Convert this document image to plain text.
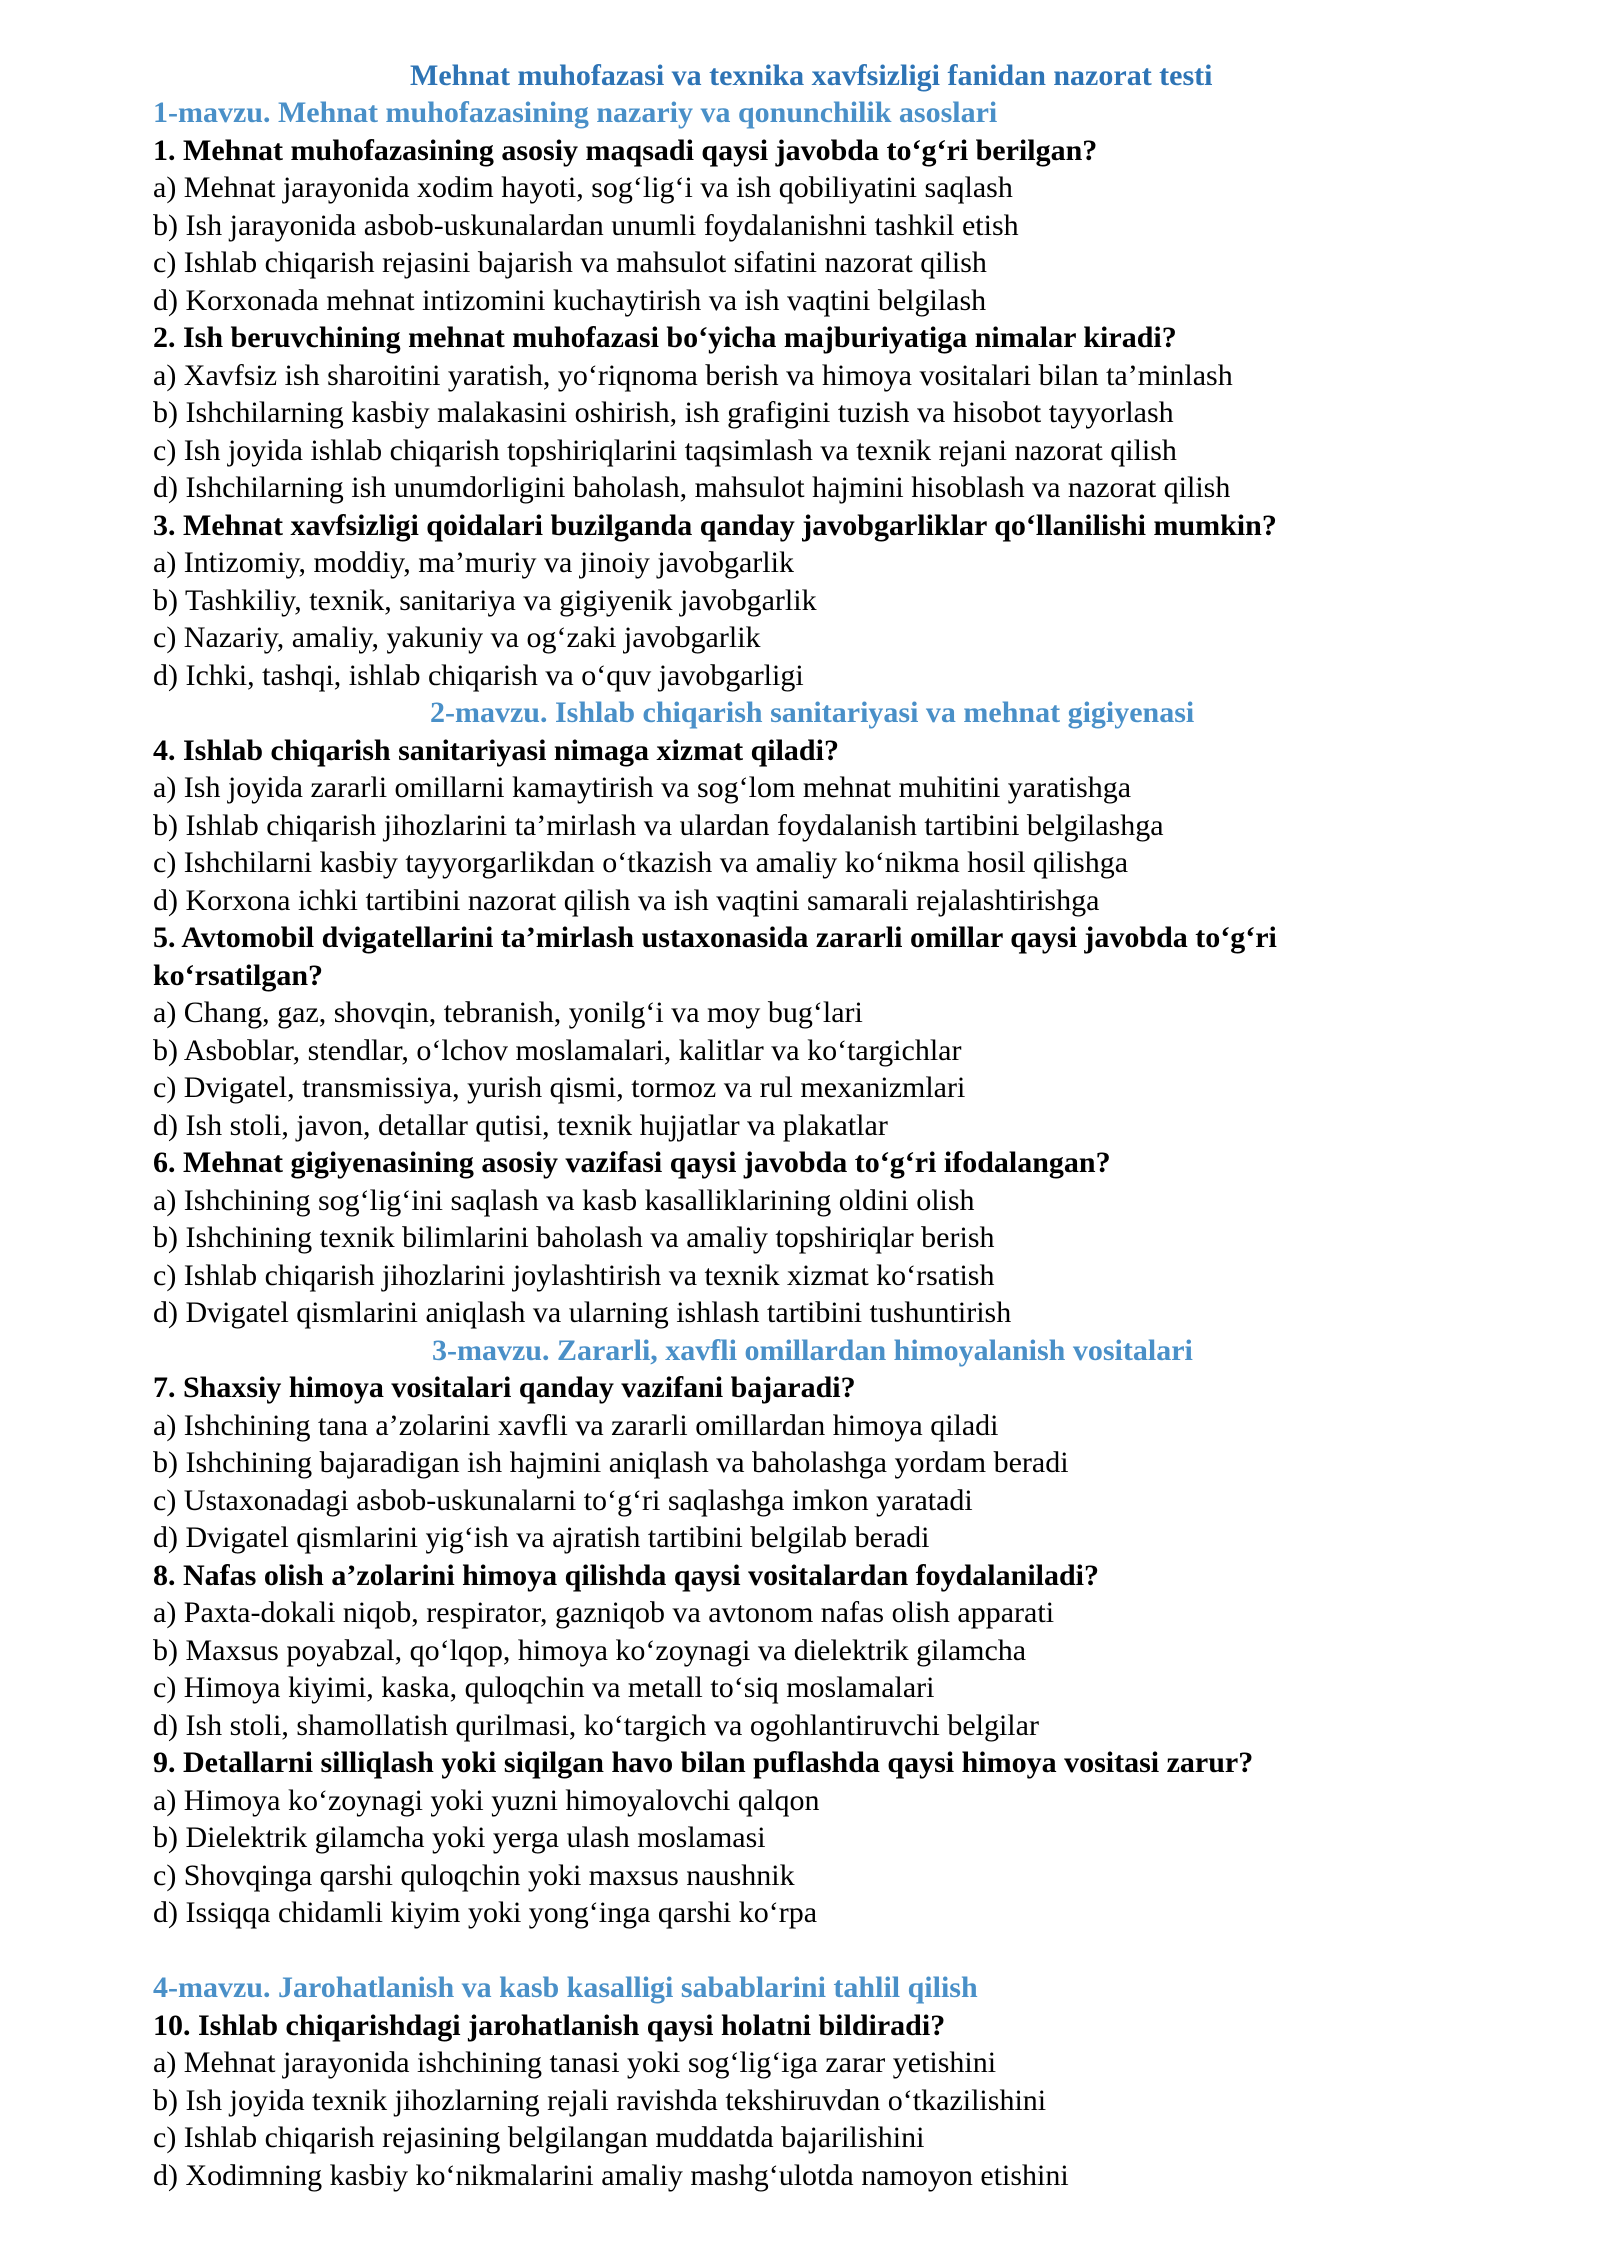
Mehnat muhofazasi va texnika xavfsizligi fanidan nazorat testi
1-mavzu. Mehnat muhofazasining nazariy va qonunchilik asoslari
1. Mehnat muhofazasining asosiy maqsadi qaysi javobda to‘g‘ri berilgan?
a) Mehnat jarayonida xodim hayoti, sog‘lig‘i va ish qobiliyatini saqlash
b) Ish jarayonida asbob-uskunalardan unumli foydalanishni tashkil etish
c) Ishlab chiqarish rejasini bajarish va mahsulot sifatini nazorat qilish
d) Korxonada mehnat intizomini kuchaytirish va ish vaqtini belgilash
2. Ish beruvchining mehnat muhofazasi bo‘yicha majburiyatiga nimalar kiradi?
a) Xavfsiz ish sharoitini yaratish, yo‘riqnoma berish va himoya vositalari bilan ta’minlash
b) Ishchilarning kasbiy malakasini oshirish, ish grafigini tuzish va hisobot tayyorlash
c) Ish joyida ishlab chiqarish topshiriqlarini taqsimlash va texnik rejani nazorat qilish
d) Ishchilarning ish unumdorligini baholash, mahsulot hajmini hisoblash va nazorat qilish
3. Mehnat xavfsizligi qoidalari buzilganda qanday javobgarliklar qo‘llanilishi mumkin?
a) Intizomiy, moddiy, ma’muriy va jinoiy javobgarlik
b) Tashkiliy, texnik, sanitariya va gigiyenik javobgarlik
c) Nazariy, amaliy, yakuniy va og‘zaki javobgarlik
d) Ichki, tashqi, ishlab chiqarish va o‘quv javobgarligi
2-mavzu. Ishlab chiqarish sanitariyasi va mehnat gigiyenasi
4. Ishlab chiqarish sanitariyasi nimaga xizmat qiladi?
a) Ish joyida zararli omillarni kamaytirish va sog‘lom mehnat muhitini yaratishga
b) Ishlab chiqarish jihozlarini ta’mirlash va ulardan foydalanish tartibini belgilashga
c) Ishchilarni kasbiy tayyorgarlikdan o‘tkazish va amaliy ko‘nikma hosil qilishga
d) Korxona ichki tartibini nazorat qilish va ish vaqtini samarali rejalashtirishga
5. Avtomobil dvigatellarini ta’mirlash ustaxonasida zararli omillar qaysi javobda to‘g‘ri
ko‘rsatilgan?
a) Chang, gaz, shovqin, tebranish, yonilg‘i va moy bug‘lari
b) Asboblar, stendlar, o‘lchov moslamalari, kalitlar va ko‘targichlar
c) Dvigatel, transmissiya, yurish qismi, tormoz va rul mexanizmlari
d) Ish stoli, javon, detallar qutisi, texnik hujjatlar va plakatlar
6. Mehnat gigiyenasining asosiy vazifasi qaysi javobda to‘g‘ri ifodalangan?
a) Ishchining sog‘lig‘ini saqlash va kasb kasalliklarining oldini olish
b) Ishchining texnik bilimlarini baholash va amaliy topshiriqlar berish
c) Ishlab chiqarish jihozlarini joylashtirish va texnik xizmat ko‘rsatish
d) Dvigatel qismlarini aniqlash va ularning ishlash tartibini tushuntirish
3-mavzu. Zararli, xavfli omillardan himoyalanish vositalari
7. Shaxsiy himoya vositalari qanday vazifani bajaradi?
a) Ishchining tana a’zolarini xavfli va zararli omillardan himoya qiladi
b) Ishchining bajaradigan ish hajmini aniqlash va baholashga yordam beradi
c) Ustaxonadagi asbob-uskunalarni to‘g‘ri saqlashga imkon yaratadi
d) Dvigatel qismlarini yig‘ish va ajratish tartibini belgilab beradi
8. Nafas olish a’zolarini himoya qilishda qaysi vositalardan foydalaniladi?
a) Paxta-dokali niqob, respirator, gazniqob va avtonom nafas olish apparati
b) Maxsus poyabzal, qo‘lqop, himoya ko‘zoynagi va dielektrik gilamcha
c) Himoya kiyimi, kaska, quloqchin va metall to‘siq moslamalari
d) Ish stoli, shamollatish qurilmasi, ko‘targich va ogohlantiruvchi belgilar
9. Detallarni silliqlash yoki siqilgan havo bilan puflashda qaysi himoya vositasi zarur?
a) Himoya ko‘zoynagi yoki yuzni himoyalovchi qalqon
b) Dielektrik gilamcha yoki yerga ulash moslamasi
c) Shovqinga qarshi quloqchin yoki maxsus naushnik
d) Issiqqa chidamli kiyim yoki yong‘inga qarshi ko‘rpa
4-mavzu. Jarohatlanish va kasb kasalligi sabablarini tahlil qilish
10. Ishlab chiqarishdagi jarohatlanish qaysi holatni bildiradi?
a) Mehnat jarayonida ishchining tanasi yoki sog‘lig‘iga zarar yetishini
b) Ish joyida texnik jihozlarning rejali ravishda tekshiruvdan o‘tkazilishini
c) Ishlab chiqarish rejasining belgilangan muddatda bajarilishini
d) Xodimning kasbiy ko‘nikmalarini amaliy mashg‘ulotda namoyon etishini
